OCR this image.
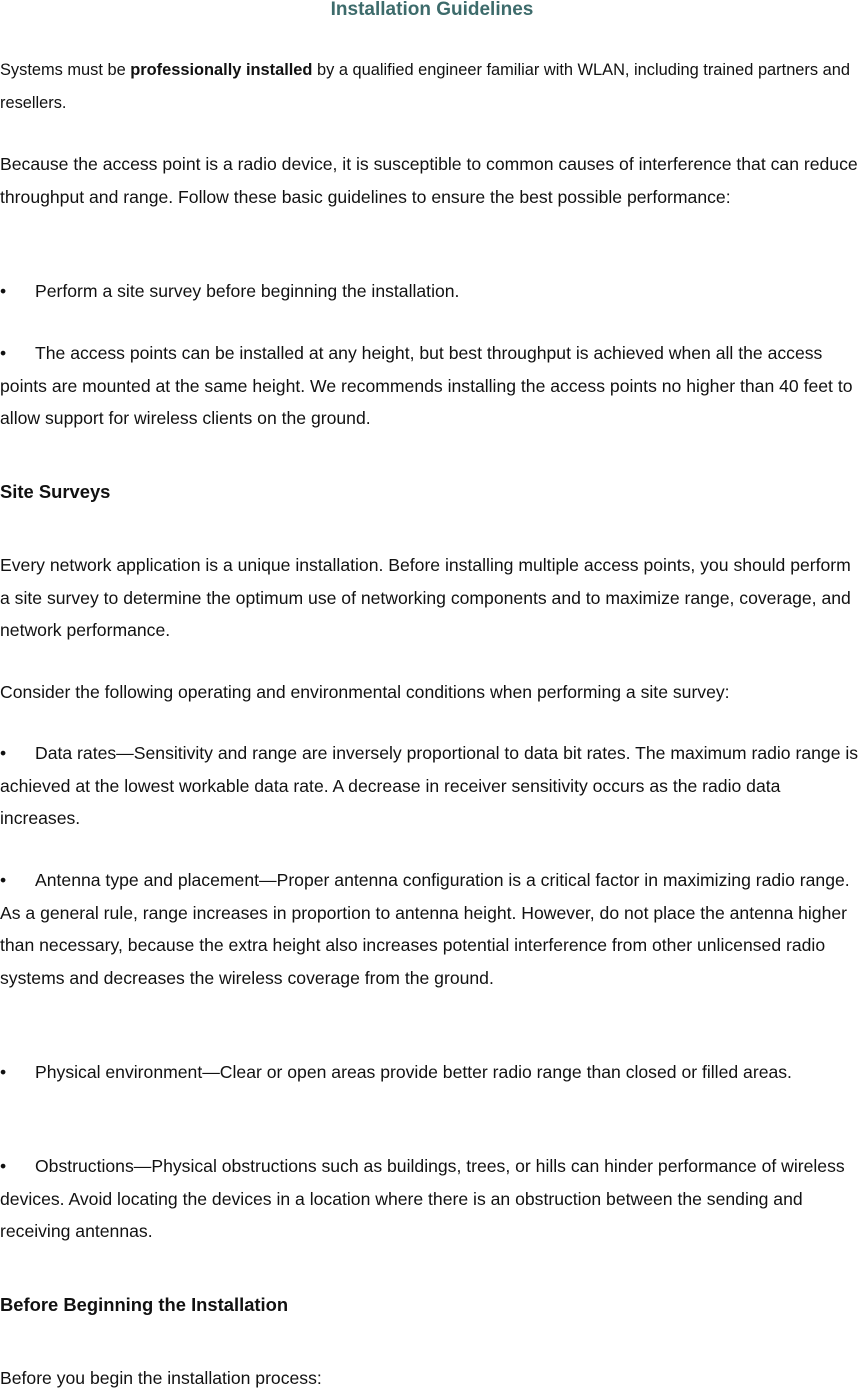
Installation Guidelines

Systems must be professionally installed by a qualified engineer familiar with WLAN, including trained partners and resellers.

Because the access point is a radio device, it is susceptible to common causes of interference that can reduce throughput and range. Follow these basic guidelines to ensure the best possible performance:

• Perform a site survey before beginning the installation.

• The access points can be installed at any height, but best throughput is achieved when all the access points are mounted at the same height. We recommends installing the access points no higher than 40 feet to allow support for wireless clients on the ground.

Site Surveys

Every network application is a unique installation. Before installing multiple access points, you should perform a site survey to determine the optimum use of networking components and to maximize range, coverage, and network performance.

Consider the following operating and environmental conditions when performing a site survey:

• Data rates—Sensitivity and range are inversely proportional to data bit rates. The maximum radio range is achieved at the lowest workable data rate. A decrease in receiver sensitivity occurs as the radio data increases.

• Antenna type and placement—Proper antenna configuration is a critical factor in maximizing radio range. As a general rule, range increases in proportion to antenna height. However, do not place the antenna higher than necessary, because the extra height also increases potential interference from other unlicensed radio systems and decreases the wireless coverage from the ground.

• Physical environment—Clear or open areas provide better radio range than closed or filled areas.

• Obstructions—Physical obstructions such as buildings, trees, or hills can hinder performance of wireless devices. Avoid locating the devices in a location where there is an obstruction between the sending and receiving antennas.

Before Beginning the Installation

Before you begin the installation process:
